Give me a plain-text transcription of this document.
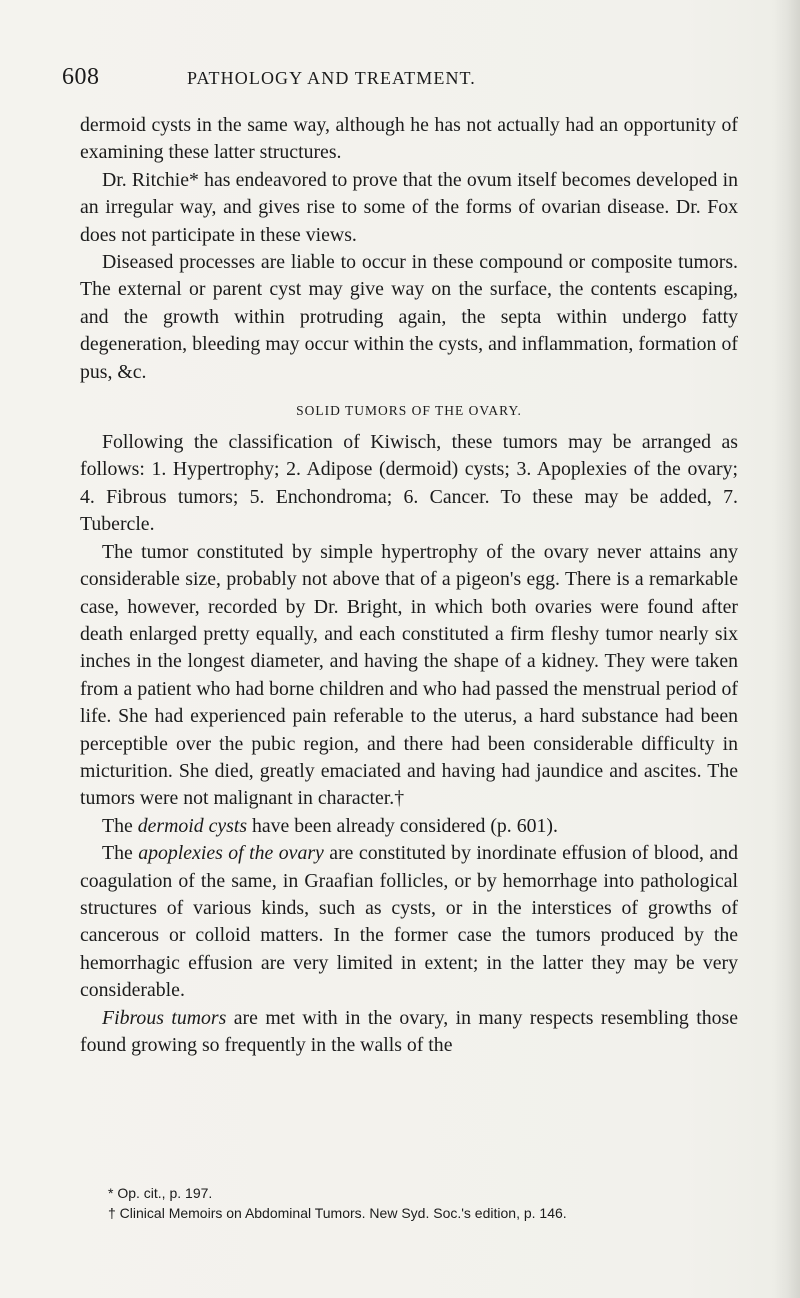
608	PATHOLOGY AND TREATMENT.

dermoid cysts in the same way, although he has not actually had an opportunity of examining these latter structures.

Dr. Ritchie* has endeavored to prove that the ovum itself becomes developed in an irregular way, and gives rise to some of the forms of ovarian disease. Dr. Fox does not participate in these views.

Diseased processes are liable to occur in these compound or composite tumors. The external or parent cyst may give way on the surface, the contents escaping, and the growth within protruding again, the septa within undergo fatty degeneration, bleeding may occur within the cysts, and inflammation, formation of pus, &c.

SOLID TUMORS OF THE OVARY.

Following the classification of Kiwisch, these tumors may be arranged as follows: 1. Hypertrophy; 2. Adipose (dermoid) cysts; 3. Apoplexies of the ovary; 4. Fibrous tumors; 5. Enchondroma; 6. Cancer. To these may be added, 7. Tubercle.

The tumor constituted by simple hypertrophy of the ovary never attains any considerable size, probably not above that of a pigeon's egg. There is a remarkable case, however, recorded by Dr. Bright, in which both ovaries were found after death enlarged pretty equally, and each constituted a firm fleshy tumor nearly six inches in the longest diameter, and having the shape of a kidney. They were taken from a patient who had borne children and who had passed the menstrual period of life. She had experienced pain referable to the uterus, a hard substance had been perceptible over the pubic region, and there had been considerable difficulty in micturition. She died, greatly emaciated and having had jaundice and ascites. The tumors were not malignant in character.†

The dermoid cysts have been already considered (p. 601).

The apoplexies of the ovary are constituted by inordinate effusion of blood, and coagulation of the same, in Graafian follicles, or by hemorrhage into pathological structures of various kinds, such as cysts, or in the interstices of growths of cancerous or colloid matters. In the former case the tumors produced by the hemorrhagic effusion are very limited in extent; in the latter they may be very considerable.

Fibrous tumors are met with in the ovary, in many respects resembling those found growing so frequently in the walls of the

* Op. cit., p. 197.
† Clinical Memoirs on Abdominal Tumors. New Syd. Soc.'s edition, p. 146.
